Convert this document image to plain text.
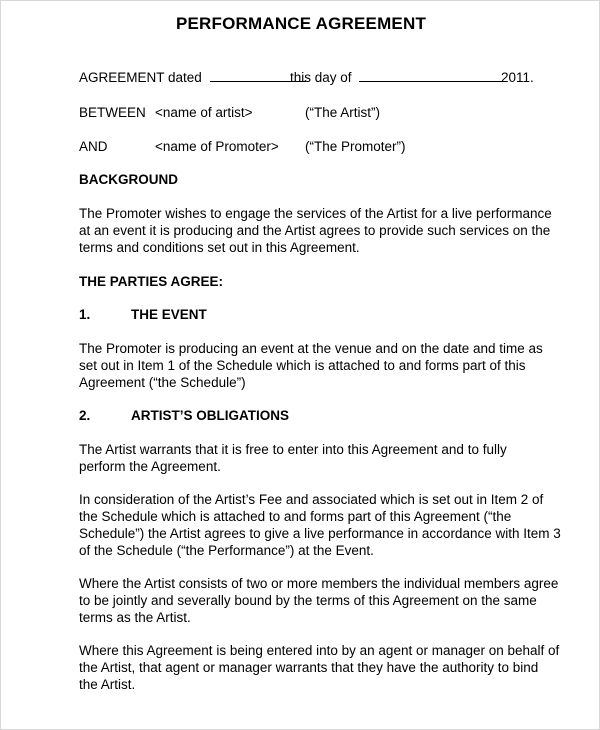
PERFORMANCE AGREEMENT
AGREEMENT dated	this day of	2011.
BETWEEN <name of artist>	(“The Artist”)
AND	<name of Promoter> (“The Promoter”)
BACKGROUND
The Promoter wishes to engage the services of the Artist for a live performance
at an event it is producing and the Artist agrees to provide such services on the
terms and conditions set out in this Agreement.
THE PARTIES AGREE:
1.	THE EVENT
The Promoter is producing an event at the venue and on the date and time as
set out in Item 1 of the Schedule which is attached to and forms part of this
Agreement (“the Schedule”)
2.	ARTIST’S OBLIGATIONS
The Artist warrants that it is free to enter into this Agreement and to fully
perform the Agreement.
In consideration of the Artist’s Fee and associated which is set out in Item 2 of
the Schedule which is attached to and forms part of this Agreement (“the
Schedule”) the Artist agrees to give a live performance in accordance with Item 3
of the Schedule (“the Performance”) at the Event.
Where the Artist consists of two or more members the individual members agree
to be jointly and severally bound by the terms of this Agreement on the same
terms as the Artist.
Where this Agreement is being entered into by an agent or manager on behalf of
the Artist, that agent or manager warrants that they have the authority to bind
the Artist.
